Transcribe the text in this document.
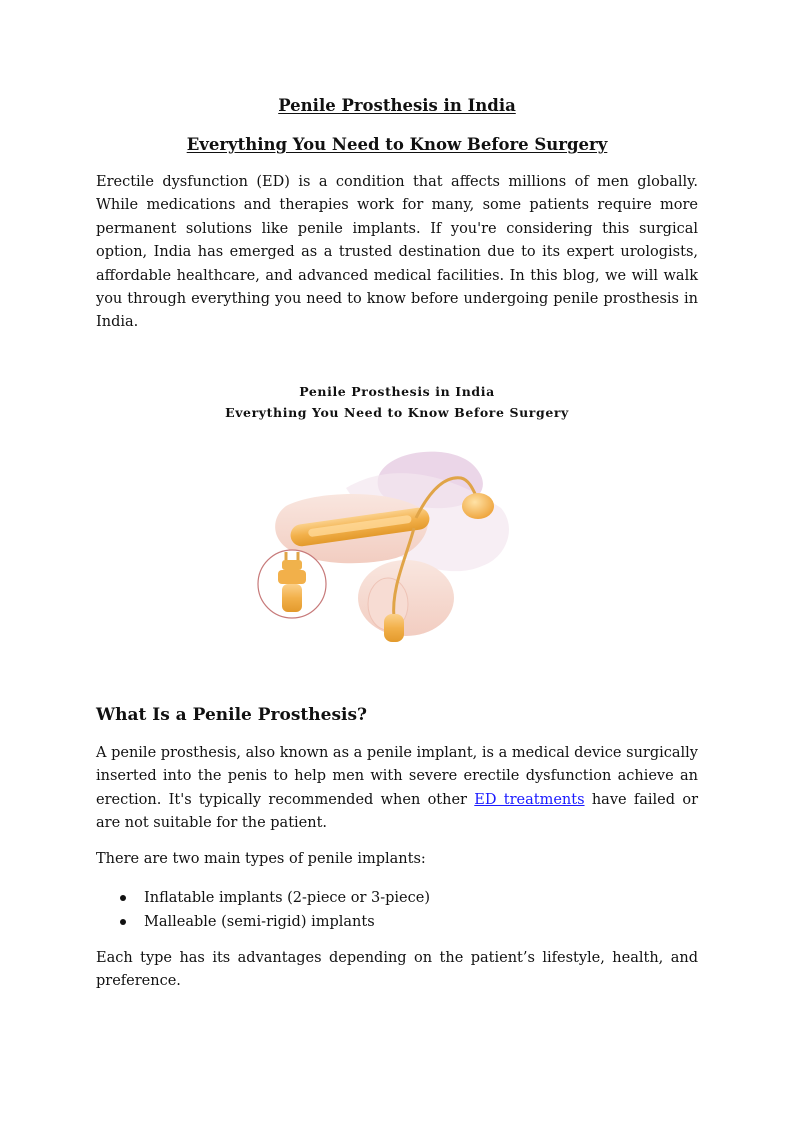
Penile Prosthesis in India
Everything You Need to Know Before Surgery

Erectile dysfunction (ED) is a condition that affects millions of men globally. While medications and therapies work for many, some patients require more permanent solutions like penile implants. If you're considering this surgical option, India has emerged as a trusted destination due to its expert urologists, affordable healthcare, and advanced medical facilities. In this blog, we will walk you through everything you need to know before undergoing penile prosthesis in India.

Penile Prosthesis in India

Everything You Need to Know Before Surgery

What Is a Penile Prosthesis?

A penile prosthesis, also known as a penile implant, is a medical device surgically inserted into the penis to help men with severe erectile dysfunction achieve an erection. It's typically recommended when other ED treatments have failed or are not suitable for the patient.

There are two main types of penile implants:

Inflatable implants (2-piece or 3-piece)
Malleable (semi-rigid) implants

Each type has its advantages depending on the patient’s lifestyle, health, and preference.
